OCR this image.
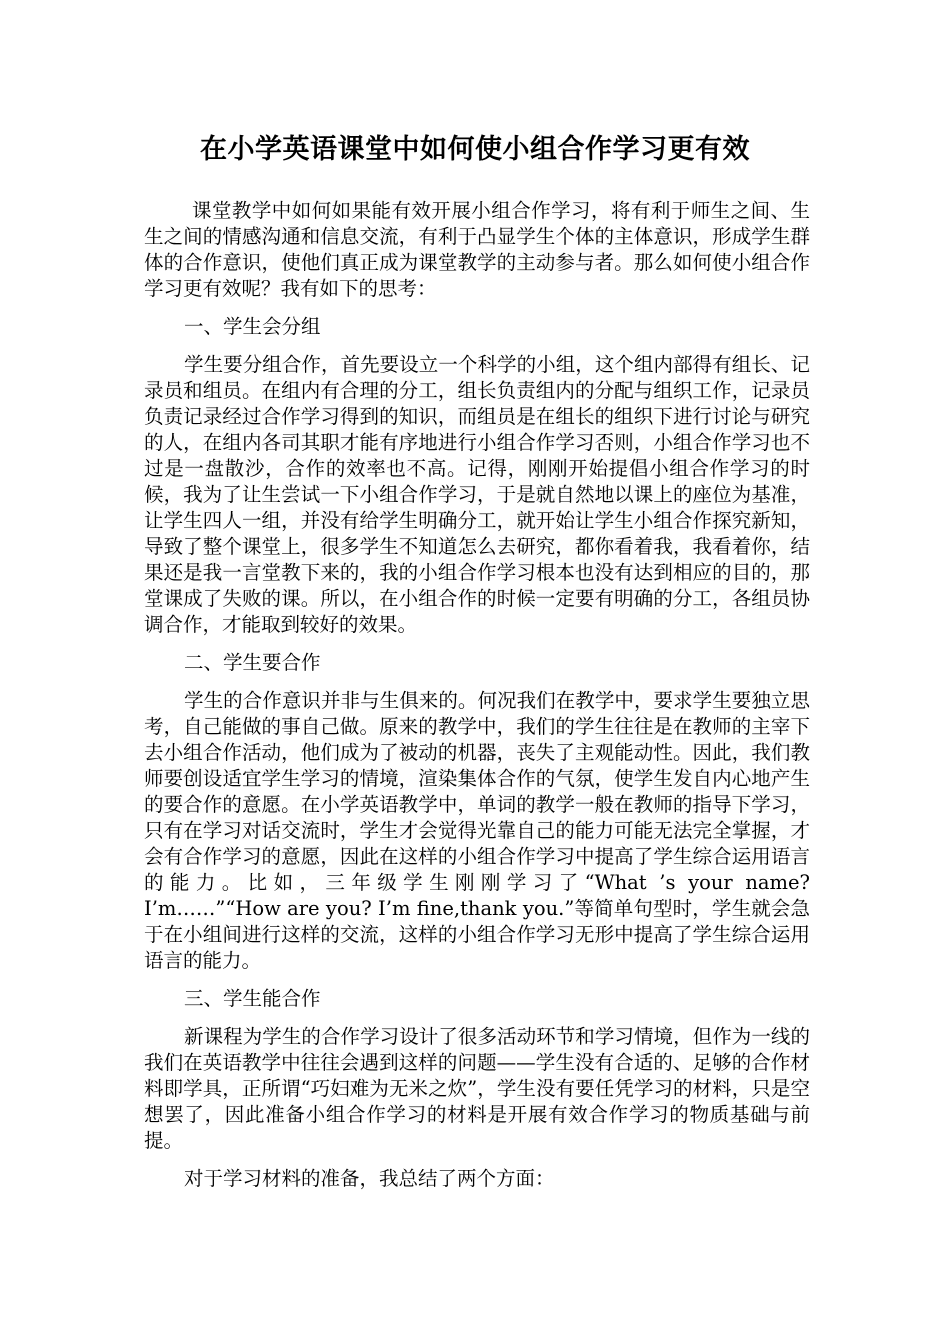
在小学英语课堂中如何使小组合作学习更有效

课堂教学中如何如果能有效开展小组合作学习，将有利于师生之间、生生之间的情感沟通和信息交流，有利于凸显学生个体的主体意识，形成学生群体的合作意识，使他们真正成为课堂教学的主动参与者。那么如何使小组合作学习更有效呢？我有如下的思考：

一、学生会分组

学生要分组合作，首先要设立一个科学的小组，这个组内部得有组长、记录员和组员。在组内有合理的分工，组长负责组内的分配与组织工作，记录员负责记录经过合作学习得到的知识，而组员是在组长的组织下进行讨论与研究的人，在组内各司其职才能有序地进行小组合作学习否则，小组合作学习也不过是一盘散沙，合作的效率也不高。记得，刚刚开始提倡小组合作学习的时候，我为了让生尝试一下小组合作学习，于是就自然地以课上的座位为基准，让学生四人一组，并没有给学生明确分工，就开始让学生小组合作探究新知，导致了整个课堂上，很多学生不知道怎么去研究，都你看着我，我看着你，结果还是我一言堂教下来的，我的小组合作学习根本也没有达到相应的目的，那堂课成了失败的课。所以，在小组合作的时候一定要有明确的分工，各组员协调合作，才能取到较好的效果。

二、学生要合作

学生的合作意识并非与生俱来的。何况我们在教学中，要求学生要独立思考，自己能做的事自己做。原来的教学中，我们的学生往往是在教师的主宰下去小组合作活动，他们成为了被动的机器，丧失了主观能动性。因此，我们教师要创设适宜学生学习的情境，渲染集体合作的气氛，使学生发自内心地产生的要合作的意愿。在小学英语教学中，单词的教学一般在教师的指导下学习，只有在学习对话交流时，学生才会觉得光靠自己的能力可能无法完全掌握，才会有合作学习的意愿，因此在这样的小组合作学习中提高了学生综合运用语言的能力。比如，三年级学生刚刚学习了“What ’s your name? I’m……”“How are you? I’m fine,thank you.”等简单句型时，学生就会急于在小组间进行这样的交流，这样的小组合作学习无形中提高了学生综合运用语言的能力。

三、学生能合作

新课程为学生的合作学习设计了很多活动环节和学习情境，但作为一线的我们在英语教学中往往会遇到这样的问题——学生没有合适的、足够的合作材料即学具，正所谓“巧妇难为无米之炊”，学生没有要任凭学习的材料，只是空想罢了，因此准备小组合作学习的材料是开展有效合作学习的物质基础与前提。

对于学习材料的准备，我总结了两个方面：
